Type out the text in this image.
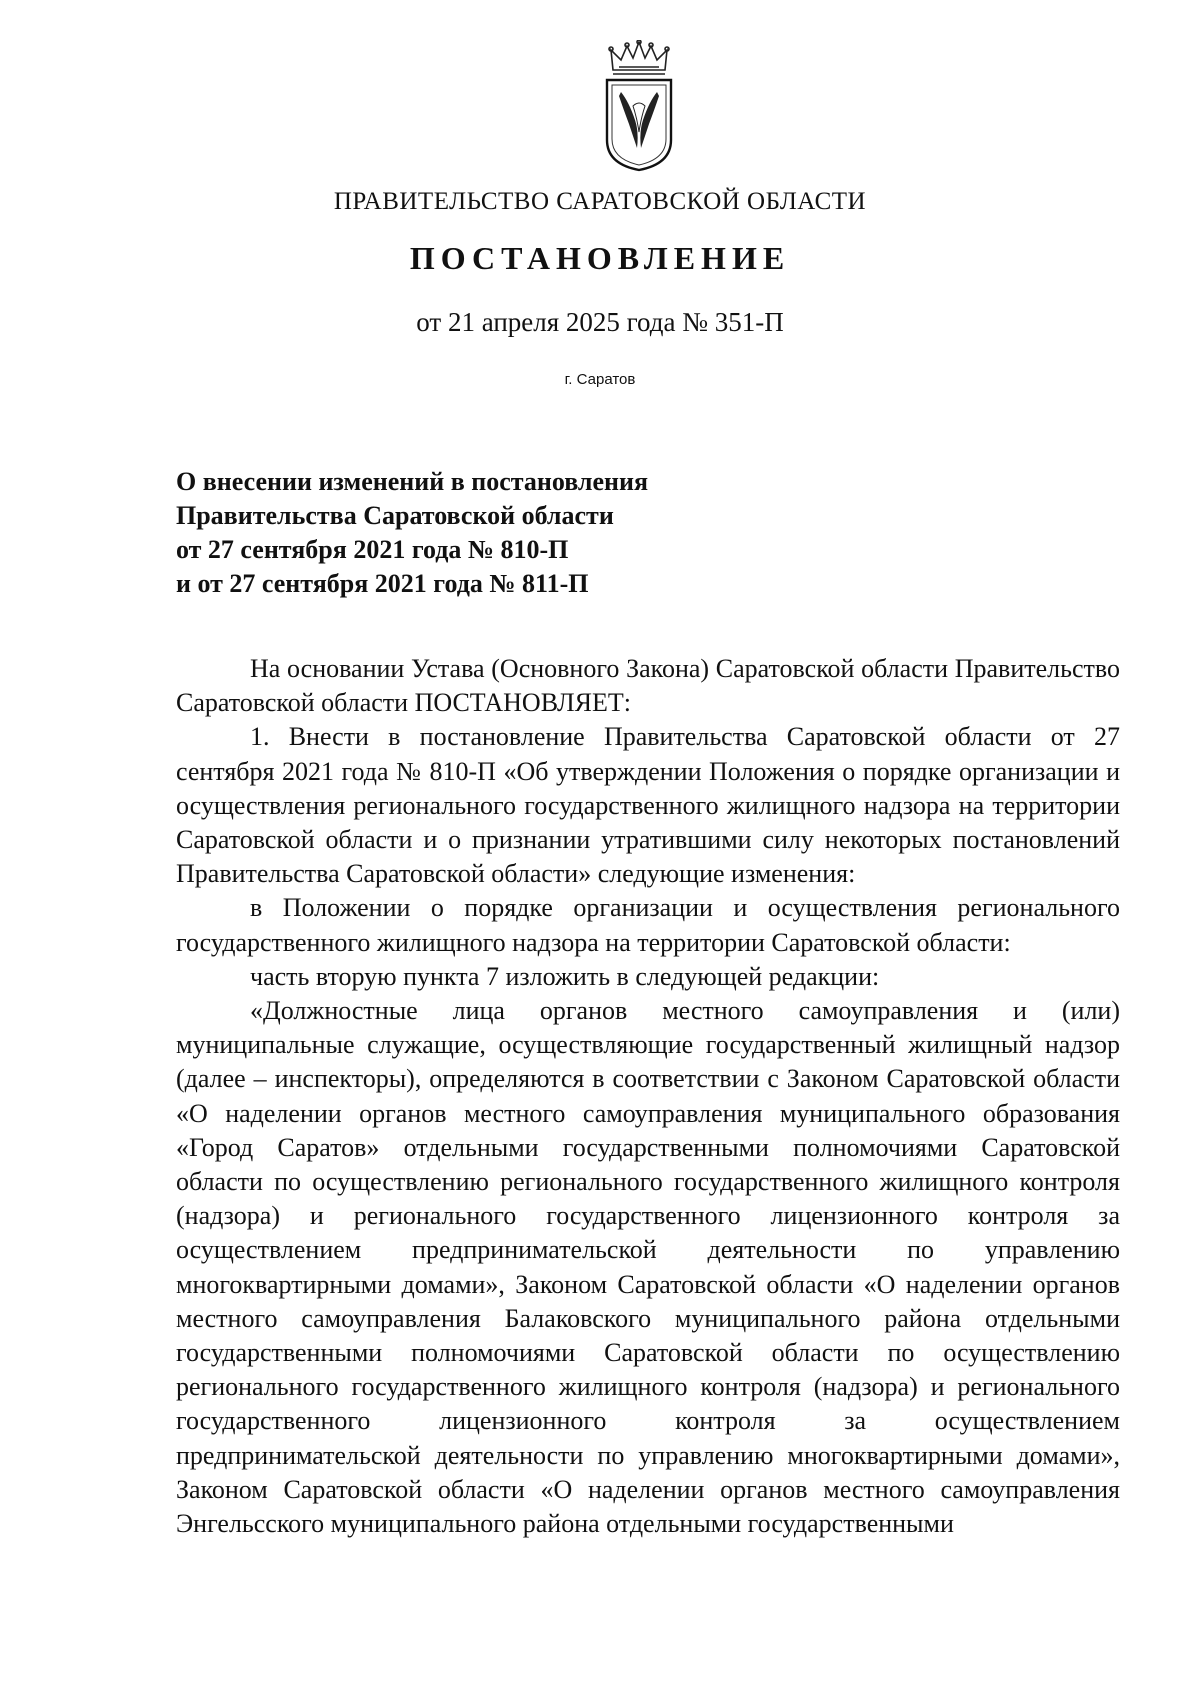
ПРАВИТЕЛЬСТВО САРАТОВСКОЙ ОБЛАСТИ
ПОСТАНОВЛЕНИЕ
от 21 апреля 2025 года № 351-П
г. Саратов
О внесении изменений в постановления
Правительства Саратовской области
от 27 сентября 2021 года № 810-П
и от 27 сентября 2021 года № 811-П

На основании Устава (Основного Закона) Саратовской области Правительство Саратовской области ПОСТАНОВЛЯЕТ:

1. Внести в постановление Правительства Саратовской области от 27 сентября 2021 года № 810-П «Об утверждении Положения о порядке организации и осуществления регионального государственного жилищного надзора на территории Саратовской области и о признании утратившими силу некоторых постановлений Правительства Саратовской области» следующие изменения:

в Положении о порядке организации и осуществления регионального государственного жилищного надзора на территории Саратовской области:

часть вторую пункта 7 изложить в следующей редакции:

«Должностные лица органов местного самоуправления и (или) муниципальные служащие, осуществляющие государственный жилищный надзор (далее – инспекторы), определяются в соответствии с Законом Саратовской области «О наделении органов местного самоуправления муниципального образования «Город Саратов» отдельными государственными полномочиями Саратовской области по осуществлению регионального государственного жилищного контроля (надзора) и регионального государственного лицензионного контроля за осуществлением предпринимательской деятельности по управлению многоквартирными домами», Законом Саратовской области «О наделении органов местного самоуправления Балаковского муниципального района отдельными государственными полномочиями Саратовской области по осуществлению регионального государственного жилищного контроля (надзора) и регионального государственного лицензионного контроля за осуществлением предпринимательской деятельности по управлению многоквартирными домами», Законом Саратовской области «О наделении органов местного самоуправления Энгельсского муниципального района отдельными государственными
